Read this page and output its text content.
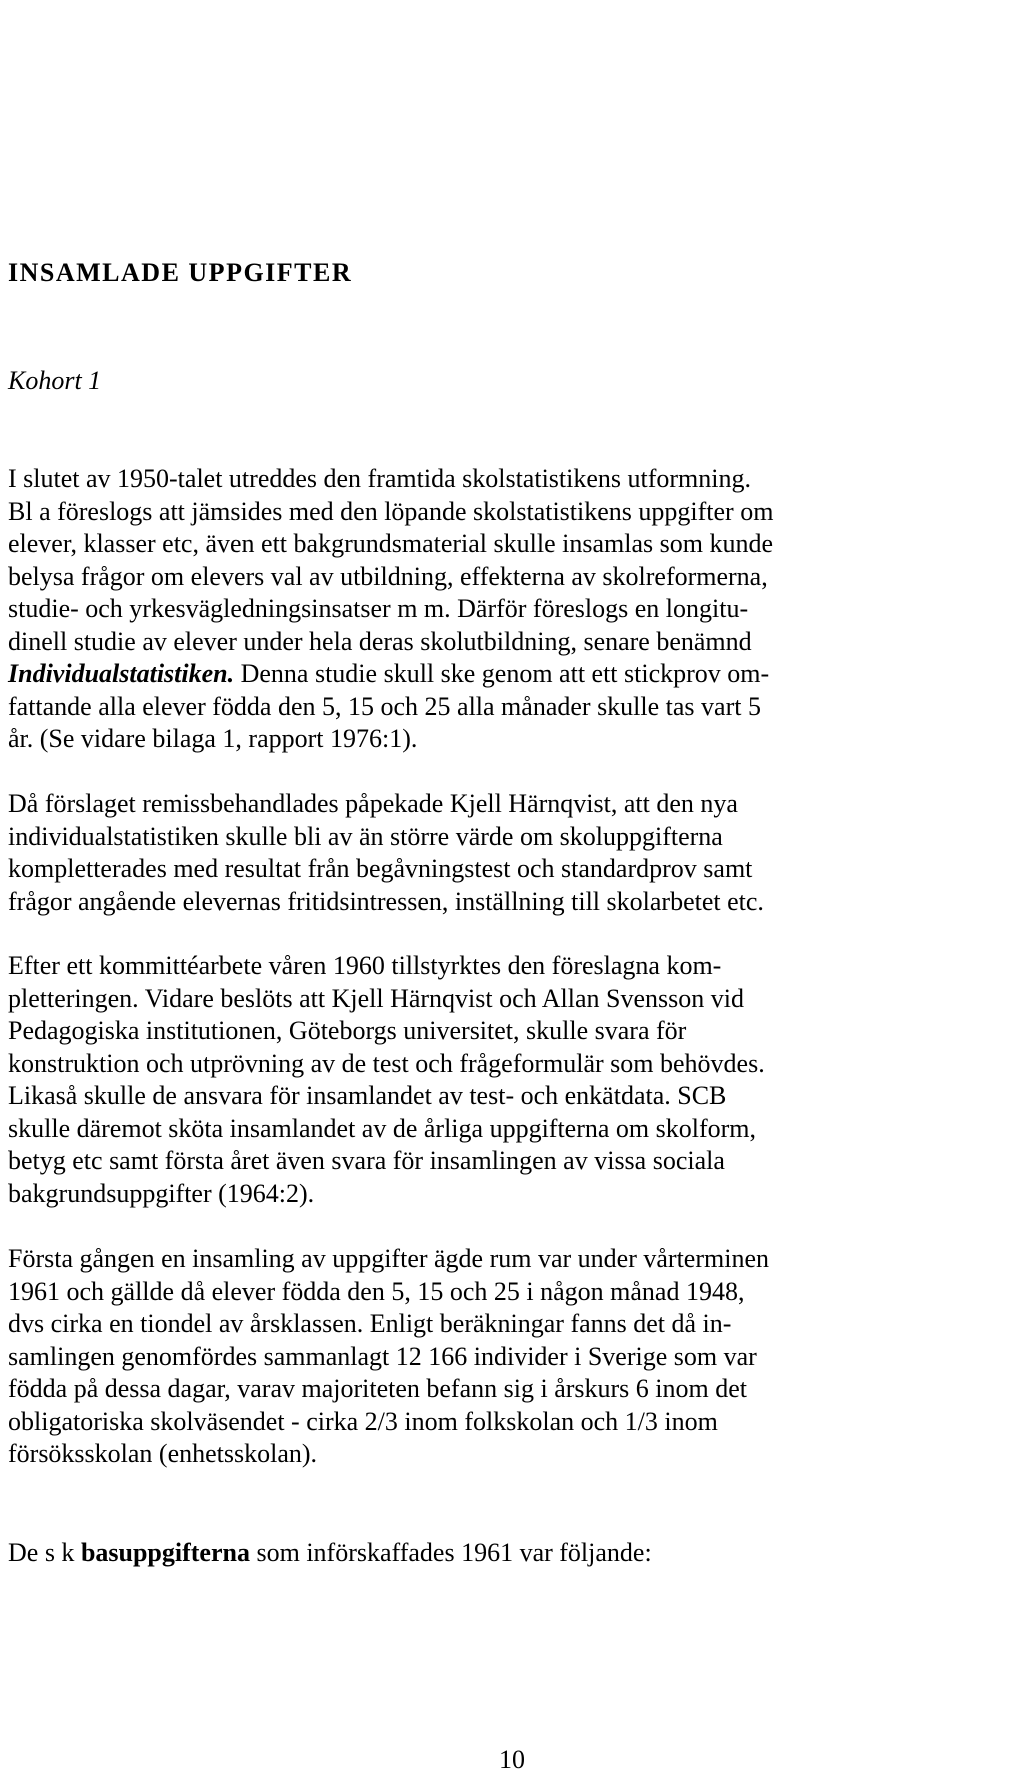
INSAMLADE UPPGIFTER
Kohort 1

I slutet av 1950-talet utreddes den framtida skolstatistikens utformning.
Bl a föreslogs att jämsides med den löpande skolstatistikens uppgifter om
elever, klasser etc, även ett bakgrundsmaterial skulle insamlas som kunde
belysa frågor om elevers val av utbildning, effekterna av skolreformerna,
studie- och yrkesvägledningsinsatser m m. Därför föreslogs en longitu-
dinell studie av elever under hela deras skolutbildning, senare benämnd
Individualstatistiken. Denna studie skull ske genom att ett stickprov om-
fattande alla elever födda den 5, 15 och 25 alla månader skulle tas vart 5
år. (Se vidare bilaga 1, rapport 1976:1).

Då förslaget remissbehandlades påpekade Kjell Härnqvist, att den nya
individualstatistiken skulle bli av än större värde om skoluppgifterna
kompletterades med resultat från begåvningstest och standardprov samt
frågor angående elevernas fritidsintressen, inställning till skolarbetet etc.

Efter ett kommittéarbete våren 1960 tillstyrktes den föreslagna kom-
pletteringen. Vidare beslöts att Kjell Härnqvist och Allan Svensson vid
Pedagogiska institutionen, Göteborgs universitet, skulle svara för
konstruktion och utprövning av de test och frågeformulär som behövdes.
Likaså skulle de ansvara för insamlandet av test- och enkätdata. SCB
skulle däremot sköta insamlandet av de årliga uppgifterna om skolform,
betyg etc samt första året även svara för insamlingen av vissa sociala
bakgrundsuppgifter (1964:2).

Första gången en insamling av uppgifter ägde rum var under vårterminen
1961 och gällde då elever födda den 5, 15 och 25 i någon månad 1948,
dvs cirka en tiondel av årsklassen. Enligt beräkningar fanns det då in-
samlingen genomfördes sammanlagt 12 166 individer i Sverige som var
födda på dessa dagar, varav majoriteten befann sig i årskurs 6 inom det
obligatoriska skolväsendet - cirka 2/3 inom folkskolan och 1/3 inom
försöksskolan (enhetsskolan).

De s k basuppgifterna som införskaffades 1961 var följande:

10
